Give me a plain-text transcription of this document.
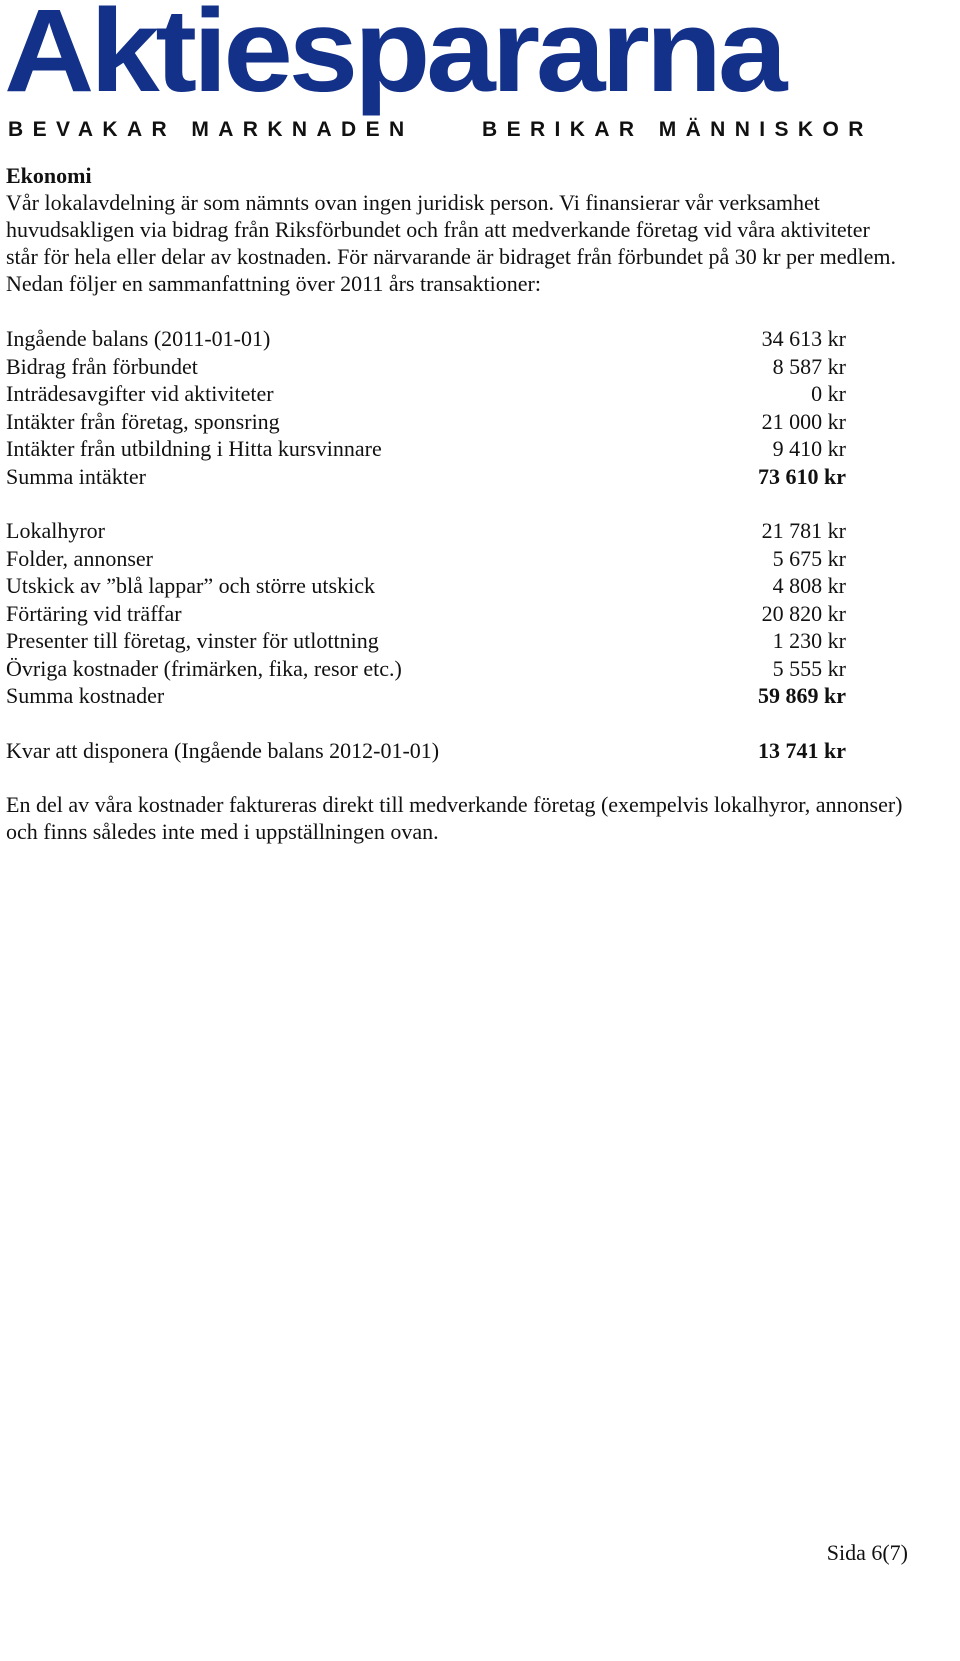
Aktiespararna
BEVAKAR MARKNADEN	BERIKAR MÄNNISKOR

Ekonomi

Vår lokalavdelning är som nämnts ovan ingen juridisk person. Vi finansierar vår verksamhet huvudsakligen via bidrag från Riksförbundet och från att medverkande företag vid våra aktiviteter står för hela eller delar av kostnaden. För närvarande är bidraget från förbundet på 30 kr per medlem. Nedan följer en sammanfattning över 2011 års transaktioner:

Ingående balans (2011-01-01)	34 613 kr
Bidrag från förbundet	8 587 kr
Inträdesavgifter vid aktiviteter	0 kr
Intäkter från företag, sponsring	21 000 kr
Intäkter från utbildning i Hitta kursvinnare	9 410 kr
Summa intäkter	73 610 kr
Lokalhyror	21 781 kr
Folder, annonser	5 675 kr
Utskick av ”blå lappar” och större utskick	4 808 kr
Förtäring vid träffar	20 820 kr
Presenter till företag, vinster för utlottning	1 230 kr
Övriga kostnader (frimärken, fika, resor etc.)	5 555 kr
Summa kostnader	59 869 kr
Kvar att disponera (Ingående balans 2012-01-01)	13 741 kr

En del av våra kostnader faktureras direkt till medverkande företag (exempelvis lokalhyror, annonser) och finns således inte med i uppställningen ovan.

Sida 6(7)
